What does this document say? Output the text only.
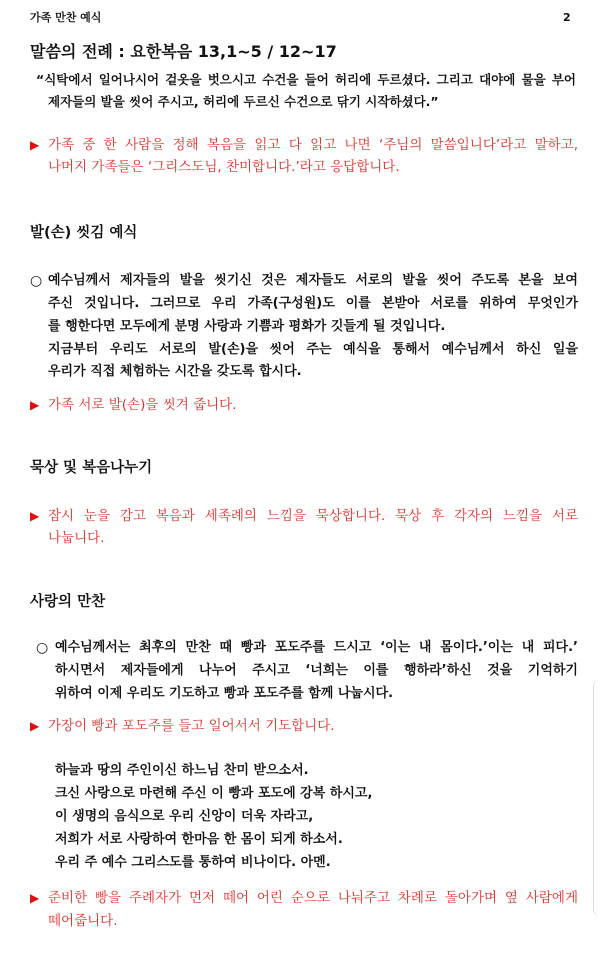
가족 만찬 예식	2
말씀의 전례 : 요한복음 13,1~5 / 12~17
“식탁에서 일어나시어 겉옷을 벗으시고 수건을 들어 허리에 두르셨다. 그리고 대야에 물을 부어
제자들의 발을 씻어 주시고, 허리에 두르신 수건으로 닦기 시작하셨다.”
▶ 가족 중 한 사람을 정해 복음을 읽고 다 읽고 나면 ‘주님의 말씀입니다’라고 말하고,
나머지 가족들은 ‘그리스도님, 찬미합니다.’라고 응답합니다.
발(손) 씻김 예식
○ 예수님께서 제자들의 발을 씻기신 것은 제자들도 서로의 발을 씻어 주도록 본을 보여
주신 것입니다. 그러므로 우리 가족(구성원)도 이를 본받아 서로를 위하여 무엇인가
를 행한다면 모두에게 분명 사랑과 기쁨과 평화가 깃들게 될 것입니다.
지금부터 우리도 서로의 발(손)을 씻어 주는 예식을 통해서 예수님께서 하신 일을
우리가 직접 체험하는 시간을 갖도록 합시다.
▶ 가족 서로 발(손)을 씻겨 줍니다.
묵상 및 복음나누기
▶ 잠시 눈을 감고 복음과 세족례의 느낌을 묵상합니다. 묵상 후 각자의 느낌을 서로
나눕니다.
사랑의 만찬
○ 예수님께서는 최후의 만찬 때 빵과 포도주를 드시고 ‘이는 내 몸이다.’이는 내 피다.’
하시면서 제자들에게 나누어 주시고 ‘너희는 이를 행하라’하신 것을 기억하기
위하여 이제 우리도 기도하고 빵과 포도주를 함께 나눕시다.
▶ 가장이 빵과 포도주를 들고 일어서서 기도합니다.
하늘과 땅의 주인이신 하느님 찬미 받으소서.
크신 사랑으로 마련해 주신 이 빵과 포도에 강복 하시고,
이 생명의 음식으로 우리 신앙이 더욱 자라고,
저희가 서로 사랑하여 한마음 한 몸이 되게 하소서.
우리 주 예수 그리스도를 통하여 비나이다. 아멘.
▶ 준비한 빵을 주례자가 먼저 떼어 어린 순으로 나눠주고 차례로 돌아가며 옆 사람에게
떼어줍니다.
